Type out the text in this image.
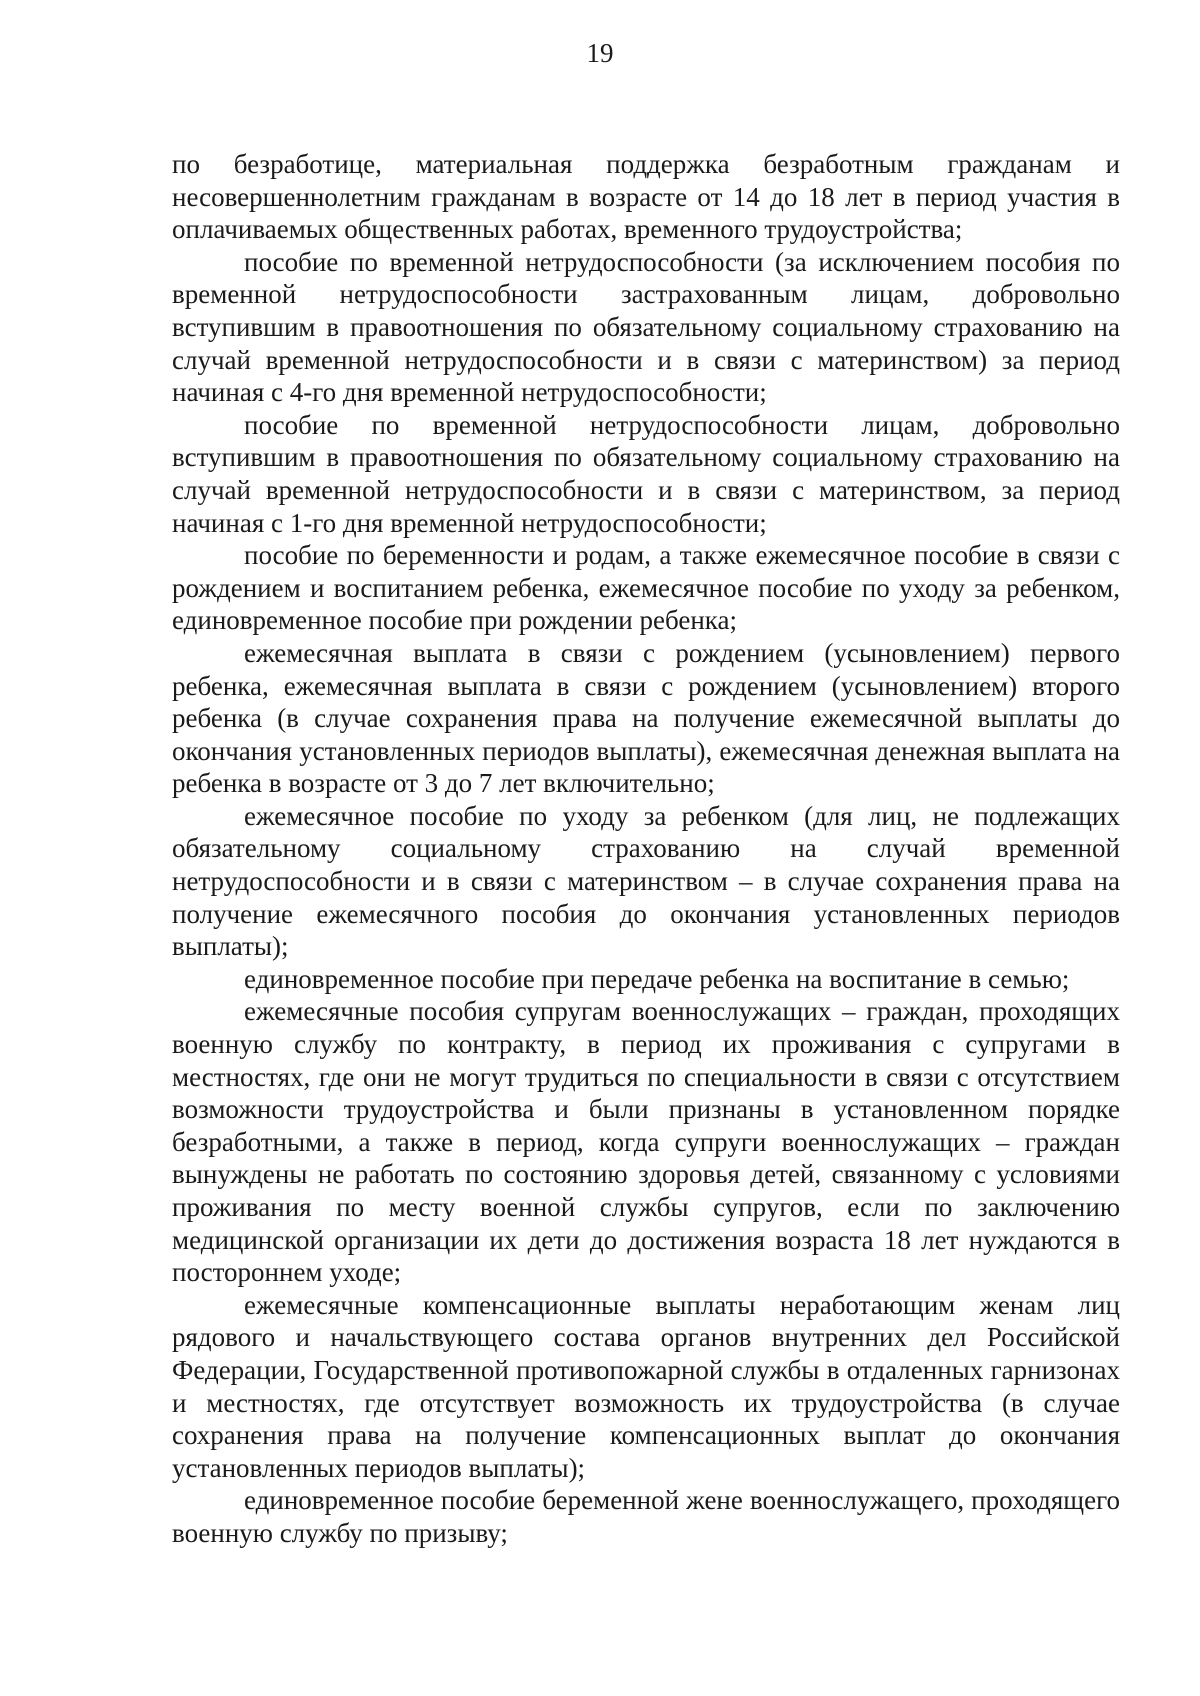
19

по безработице, материальная поддержка безработным гражданам и несовершеннолетним гражданам в возрасте от 14 до 18 лет в период участия в оплачиваемых общественных работах, временного трудоустройства;

пособие по временной нетрудоспособности (за исключением пособия по временной нетрудоспособности застрахованным лицам, добровольно вступившим в правоотношения по обязательному социальному страхованию на случай временной нетрудоспособности и в связи с материнством) за период начиная с 4-го дня временной нетрудоспособности;

пособие по временной нетрудоспособности лицам, добровольно вступившим в правоотношения по обязательному социальному страхованию на случай временной нетрудоспособности и в связи с материнством, за период начиная с 1-го дня временной нетрудоспособности;

пособие по беременности и родам, а также ежемесячное пособие в связи с рождением и воспитанием ребенка, ежемесячное пособие по уходу за ребенком, единовременное пособие при рождении ребенка;

ежемесячная выплата в связи с рождением (усыновлением) первого ребенка, ежемесячная выплата в связи с рождением (усыновлением) второго ребенка (в случае сохранения права на получение ежемесячной выплаты до окончания установленных периодов выплаты), ежемесячная денежная выплата на ребенка в возрасте от 3 до 7 лет включительно;

ежемесячное пособие по уходу за ребенком (для лиц, не подлежащих обязательному социальному страхованию на случай временной нетрудоспособности и в связи с материнством – в случае сохранения права на получение ежемесячного пособия до окончания установленных периодов выплаты);

единовременное пособие при передаче ребенка на воспитание в семью;

ежемесячные пособия супругам военнослужащих – граждан, проходящих военную службу по контракту, в период их проживания с супругами в местностях, где они не могут трудиться по специальности в связи с отсутствием возможности трудоустройства и были признаны в установленном порядке безработными, а также в период, когда супруги военнослужащих – граждан вынуждены не работать по состоянию здоровья детей, связанному с условиями проживания по месту военной службы супругов, если по заключению медицинской организации их дети до достижения возраста 18 лет нуждаются в постороннем уходе;

ежемесячные компенсационные выплаты неработающим женам лиц рядового и начальствующего состава органов внутренних дел Российской Федерации, Государственной противопожарной службы в отдаленных гарнизонах и местностях, где отсутствует возможность их трудоустройства (в случае сохранения права на получение компенсационных выплат до окончания установленных периодов выплаты);

единовременное пособие беременной жене военнослужащего, проходящего военную службу по призыву;
